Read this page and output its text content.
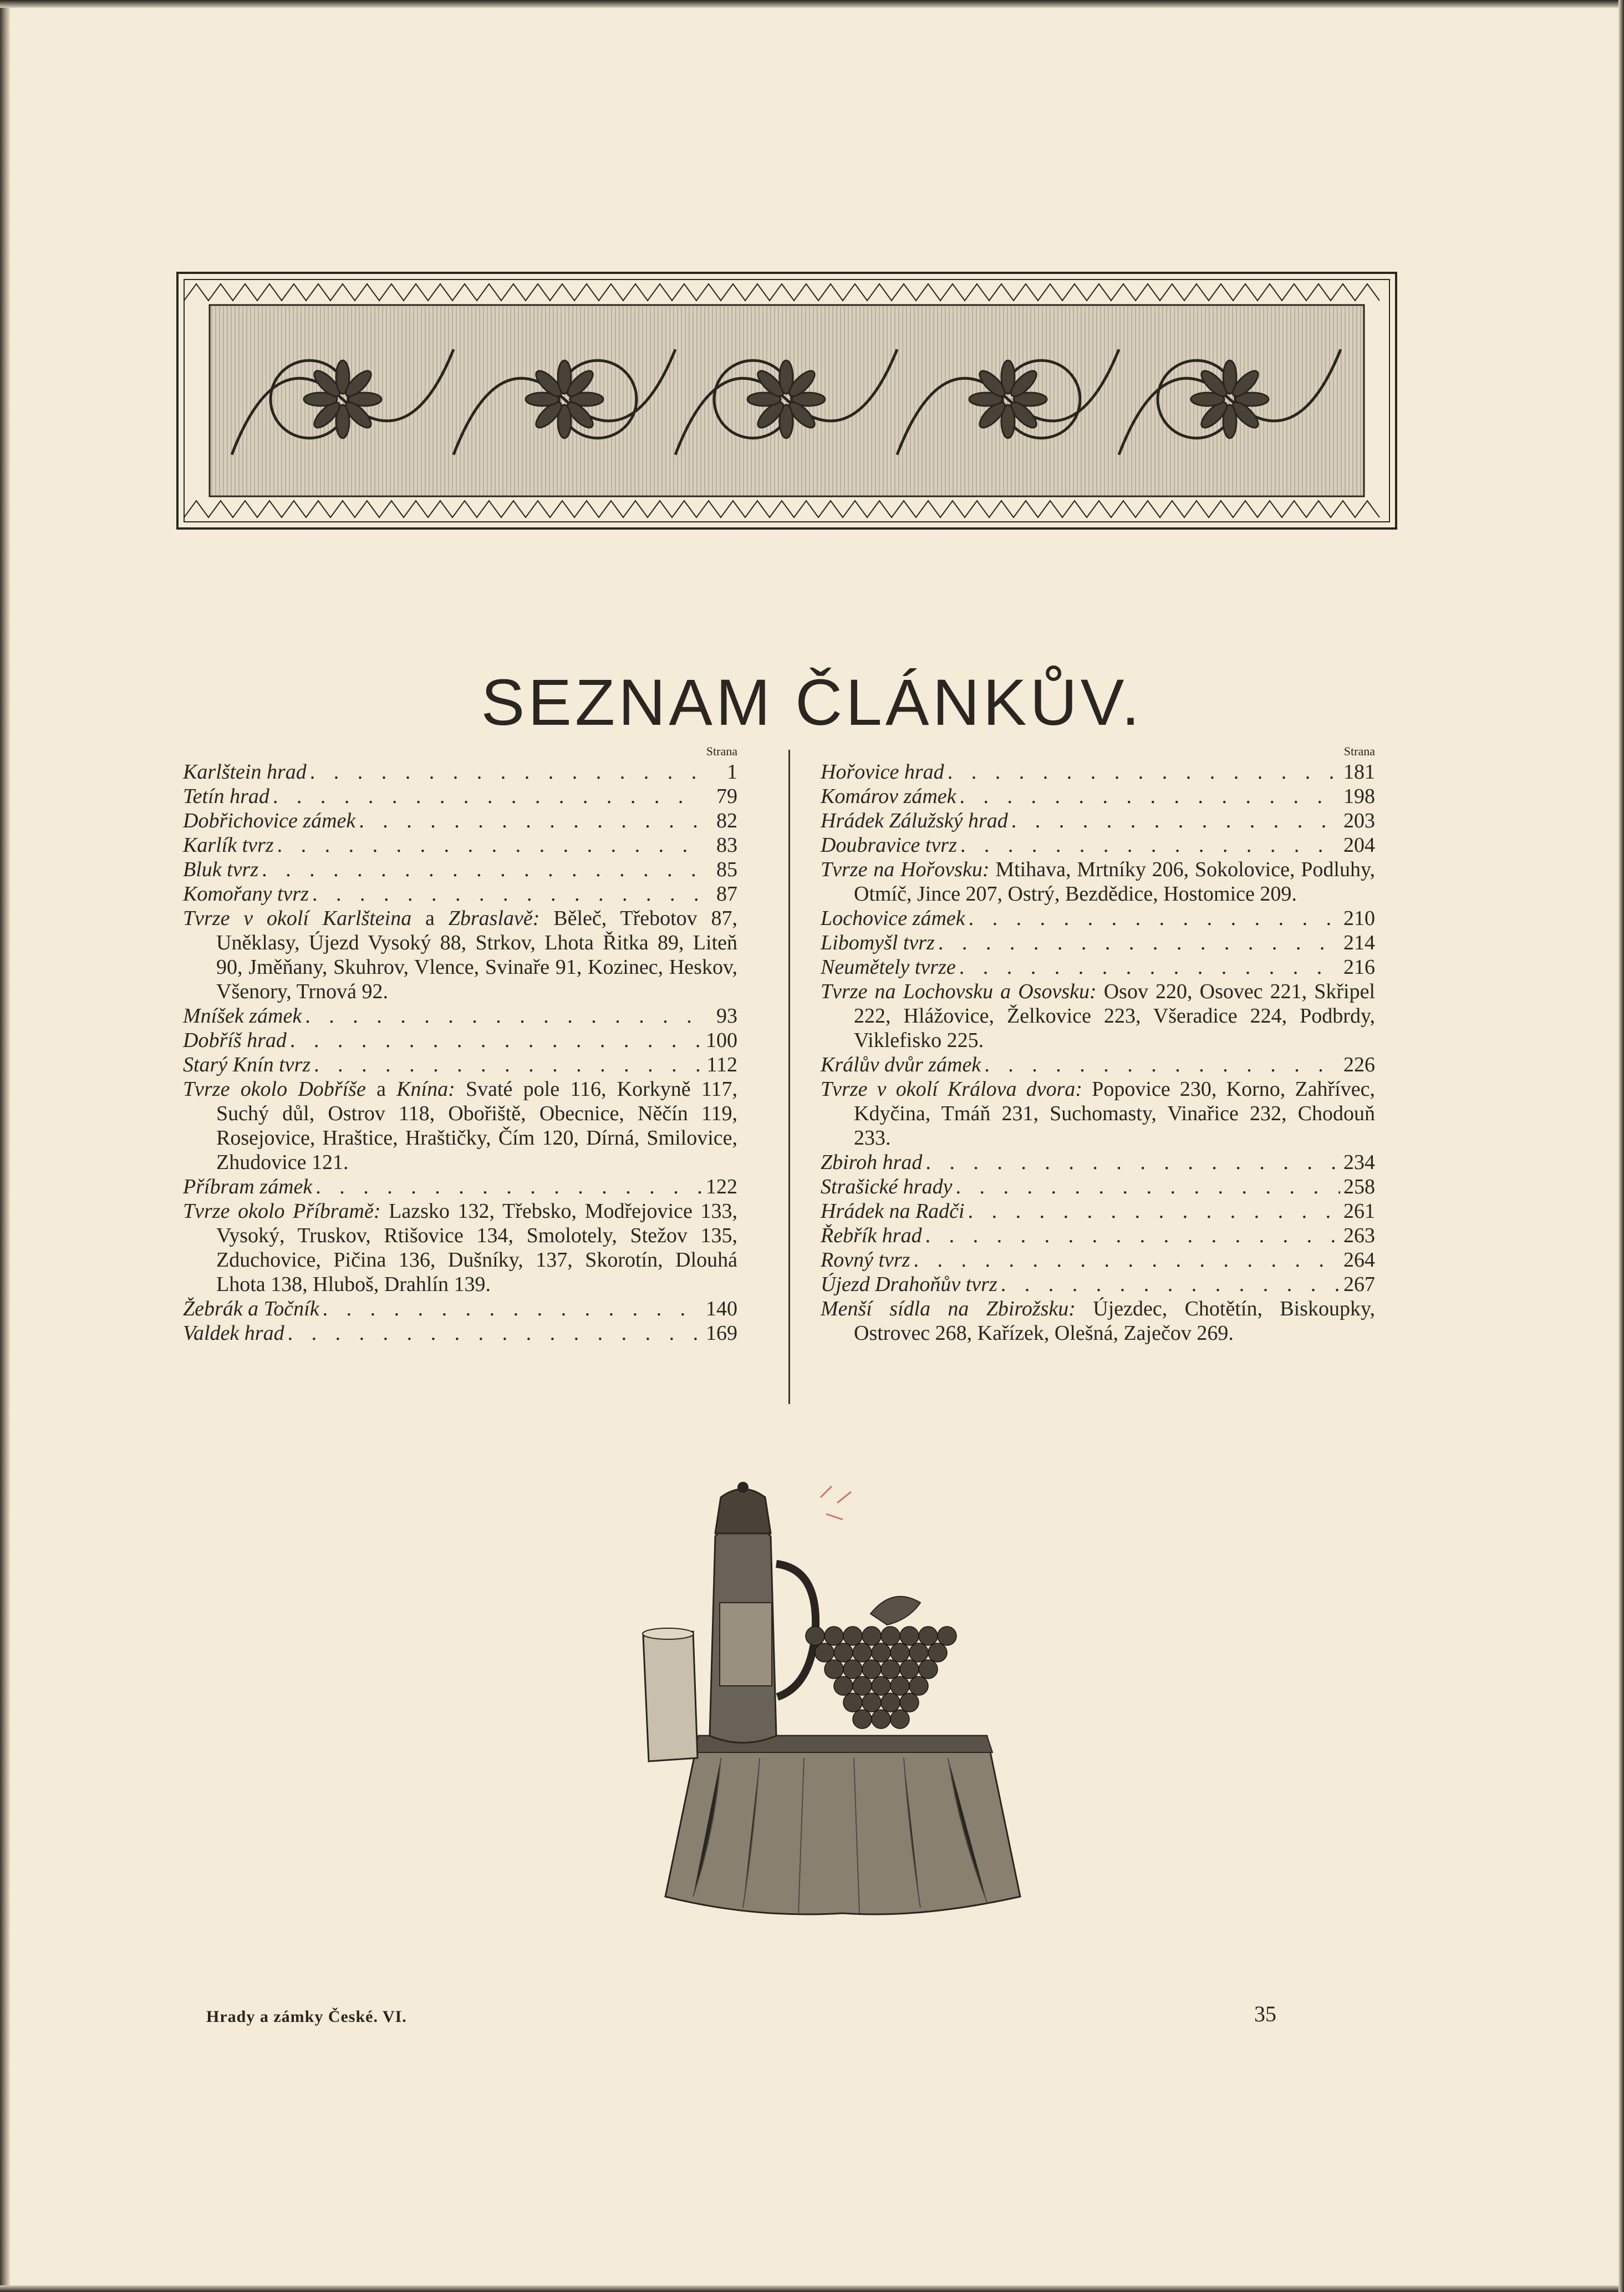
SEZNAM ČLÁNKŮV.
Strana
Karlštein hrad . . .	1
Tetín hrad . . .	79
Dobřichovice zámek . . .	82
Karlík tvrz . . .	83
Bluk tvrz . . .	85
Komořany tvrz . . .	87
Tvrze v okolí Karlšteina a Zbraslavě: Běleč, Třebotov 87, Uněklasy, Újezd Vysoký 88, Strkov, Lhota Řitka 89, Liteň 90, Jměňany, Skuhrov, Vlence, Svinaře 91, Kozinec, Heskov, Všenory, Trnová 92.
Mníšek zámek . . .	93
Dobříš hrad . . .	100
Starý Knín tvrz . . .	112
Tvrze okolo Dobříše a Knína: Svaté pole 116, Korkyně 117, Suchý důl, Ostrov 118, Obořiště, Obecnice, Něčín 119, Rosejovice, Hraštice, Hraštičky, Čím 120, Dírná, Smilovice, Zhudovice 121.
Příbram zámek . . .	122
Tvrze okolo Příbramě: Lazsko 132, Třebsko, Modřejovice 133, Vysoký, Truskov, Rtišovice 134, Smolotely, Stežov 135, Zduchovice, Pičina 136, Dušníky, 137, Skorotín, Dlouhá Lhota 138, Hluboš, Drahlín 139.
Žebrák a Točník . . .	140
Valdek hrad . . .	169
Strana
Hořovice hrad . . .	181
Komárov zámek . . .	198
Hrádek Zálužský hrad . . .	203
Doubravice tvrz . . .	204
Tvrze na Hořovsku: Mtihava, Mrtníky 206, Sokolovice, Podluhy, Otmíč, Jince 207, Ostrý, Bezdědice, Hostomice 209.
Lochovice zámek . . .	210
Libomyšl tvrz . . .	214
Neumětely tvrze . . .	216
Tvrze na Lochovsku a Osovsku: Osov 220, Osovec 221, Skřipel 222, Hlážovice, Želkovice 223, Všeradice 224, Podbrdy, Viklefisko 225.
Králův dvůr zámek . . .	226
Tvrze v okolí Králova dvora: Popovice 230, Korno, Zahřívec, Kdyčina, Tmáň 231, Suchomasty, Vinařice 232, Chodouň 233.
Zbiroh hrad . . .	234
Strašické hrady . . .	258
Hrádek na Radči . . .	261
Řebřík hrad . . .	263
Rovný tvrz . . .	264
Újezd Drahoňův tvrz . . .	267
Menší sídla na Zbirožsku: Újezdec, Chotětín, Biskoupky, Ostrovec 268, Kařízek, Olešná, Zaječov 269.
Hrady a zámky České. VI.	35
